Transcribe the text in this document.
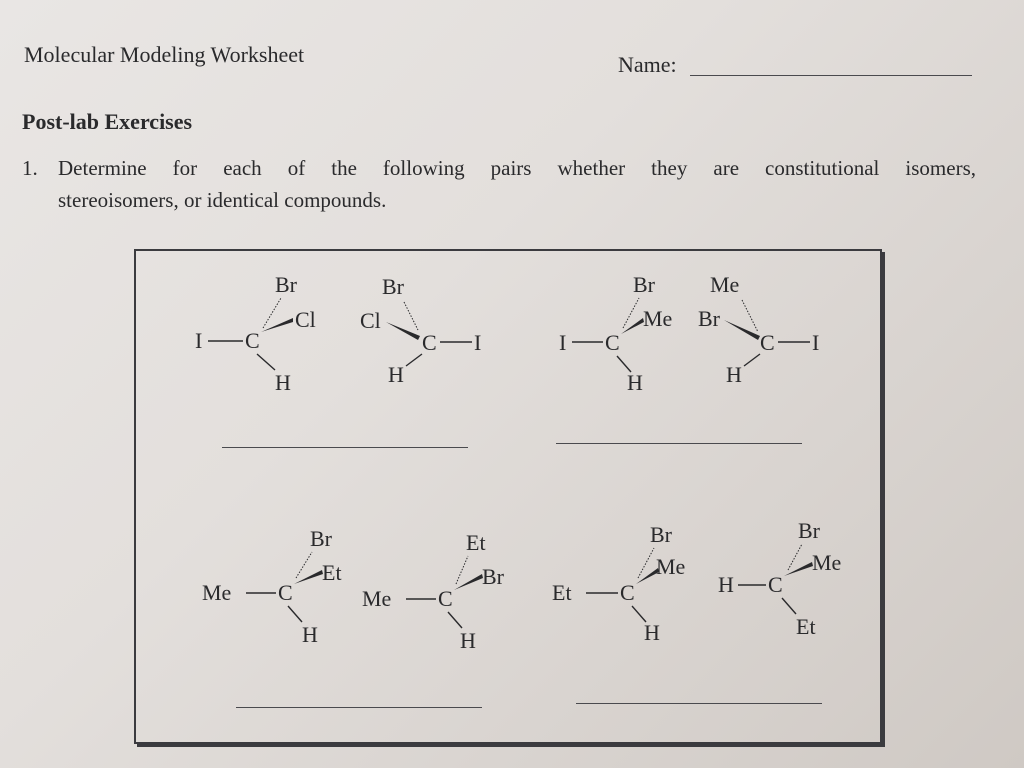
Molecular Modeling Worksheet	Name:
Post-lab Exercises
1. Determine for each of the following pairs whether they are constitutional isomers,
stereoisomers, or identical compounds.
Br
Cl
I C
H
Br
Cl
C I
H
Br
Me
I C
H
Me
Br
C I
H
Br
Et
Me C
H
Et
Br
Me C
H
Br
Me
Et C
H
Br
Me
H C
Et
